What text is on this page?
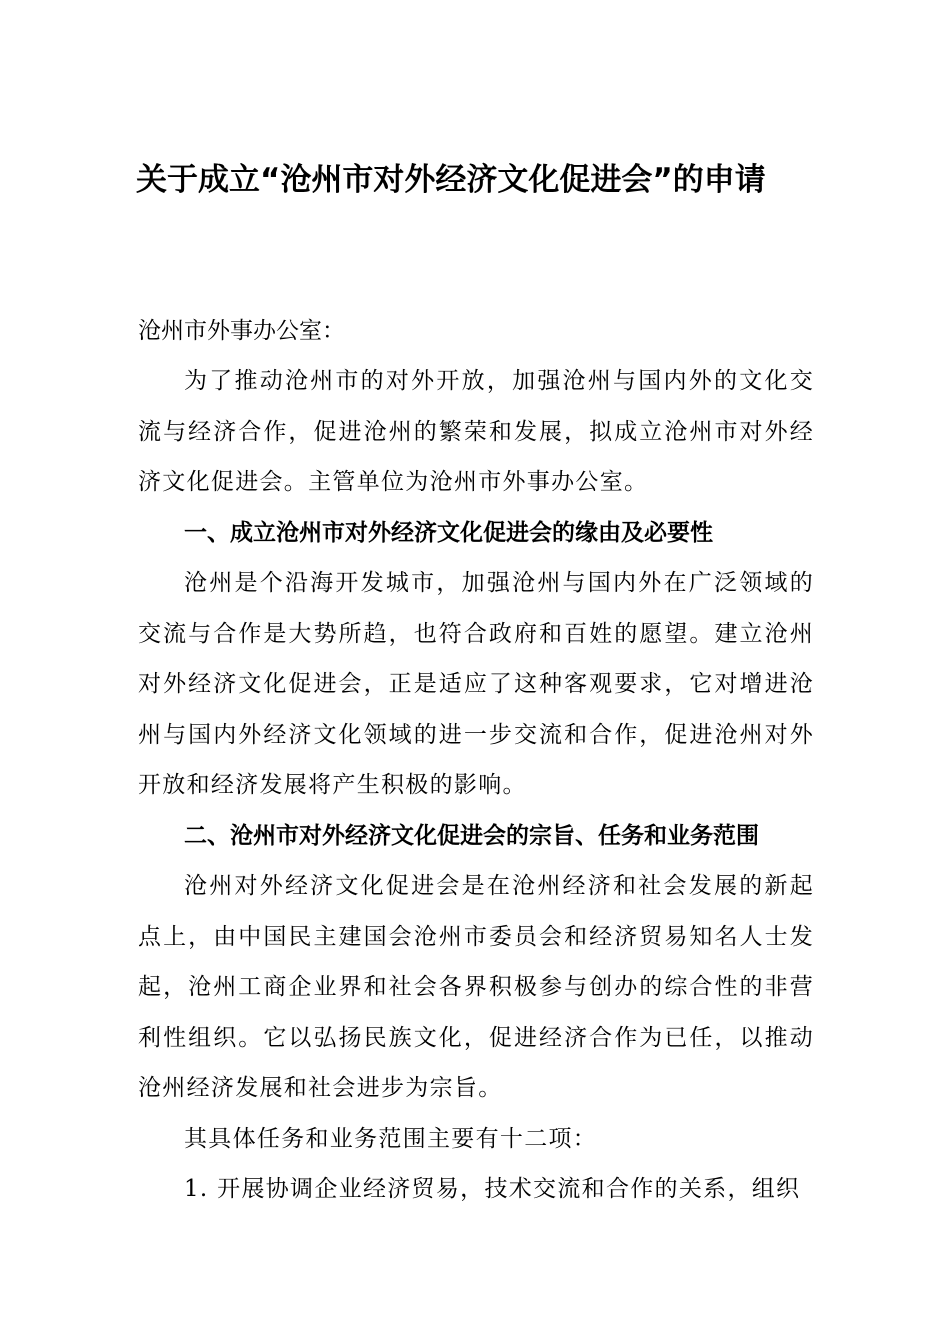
关于成立“沧州市对外经济文化促进会”的申请

沧州市外事办公室：

为了推动沧州市的对外开放，加强沧州与国内外的文化交流与经济合作，促进沧州的繁荣和发展，拟成立沧州市对外经济文化促进会。主管单位为沧州市外事办公室。

一、成立沧州市对外经济文化促进会的缘由及必要性

沧州是个沿海开发城市，加强沧州与国内外在广泛领域的交流与合作是大势所趋，也符合政府和百姓的愿望。建立沧州对外经济文化促进会，正是适应了这种客观要求，它对增进沧州与国内外经济文化领域的进一步交流和合作，促进沧州对外开放和经济发展将产生积极的影响。

二、沧州市对外经济文化促进会的宗旨、任务和业务范围

沧州对外经济文化促进会是在沧州经济和社会发展的新起点上，由中国民主建国会沧州市委员会和经济贸易知名人士发起，沧州工商企业界和社会各界积极参与创办的综合性的非营利性组织。它以弘扬民族文化，促进经济合作为已任，以推动沧州经济发展和社会进步为宗旨。

其具体任务和业务范围主要有十二项：

1. 开展协调企业经济贸易，技术交流和合作的关系，组织
